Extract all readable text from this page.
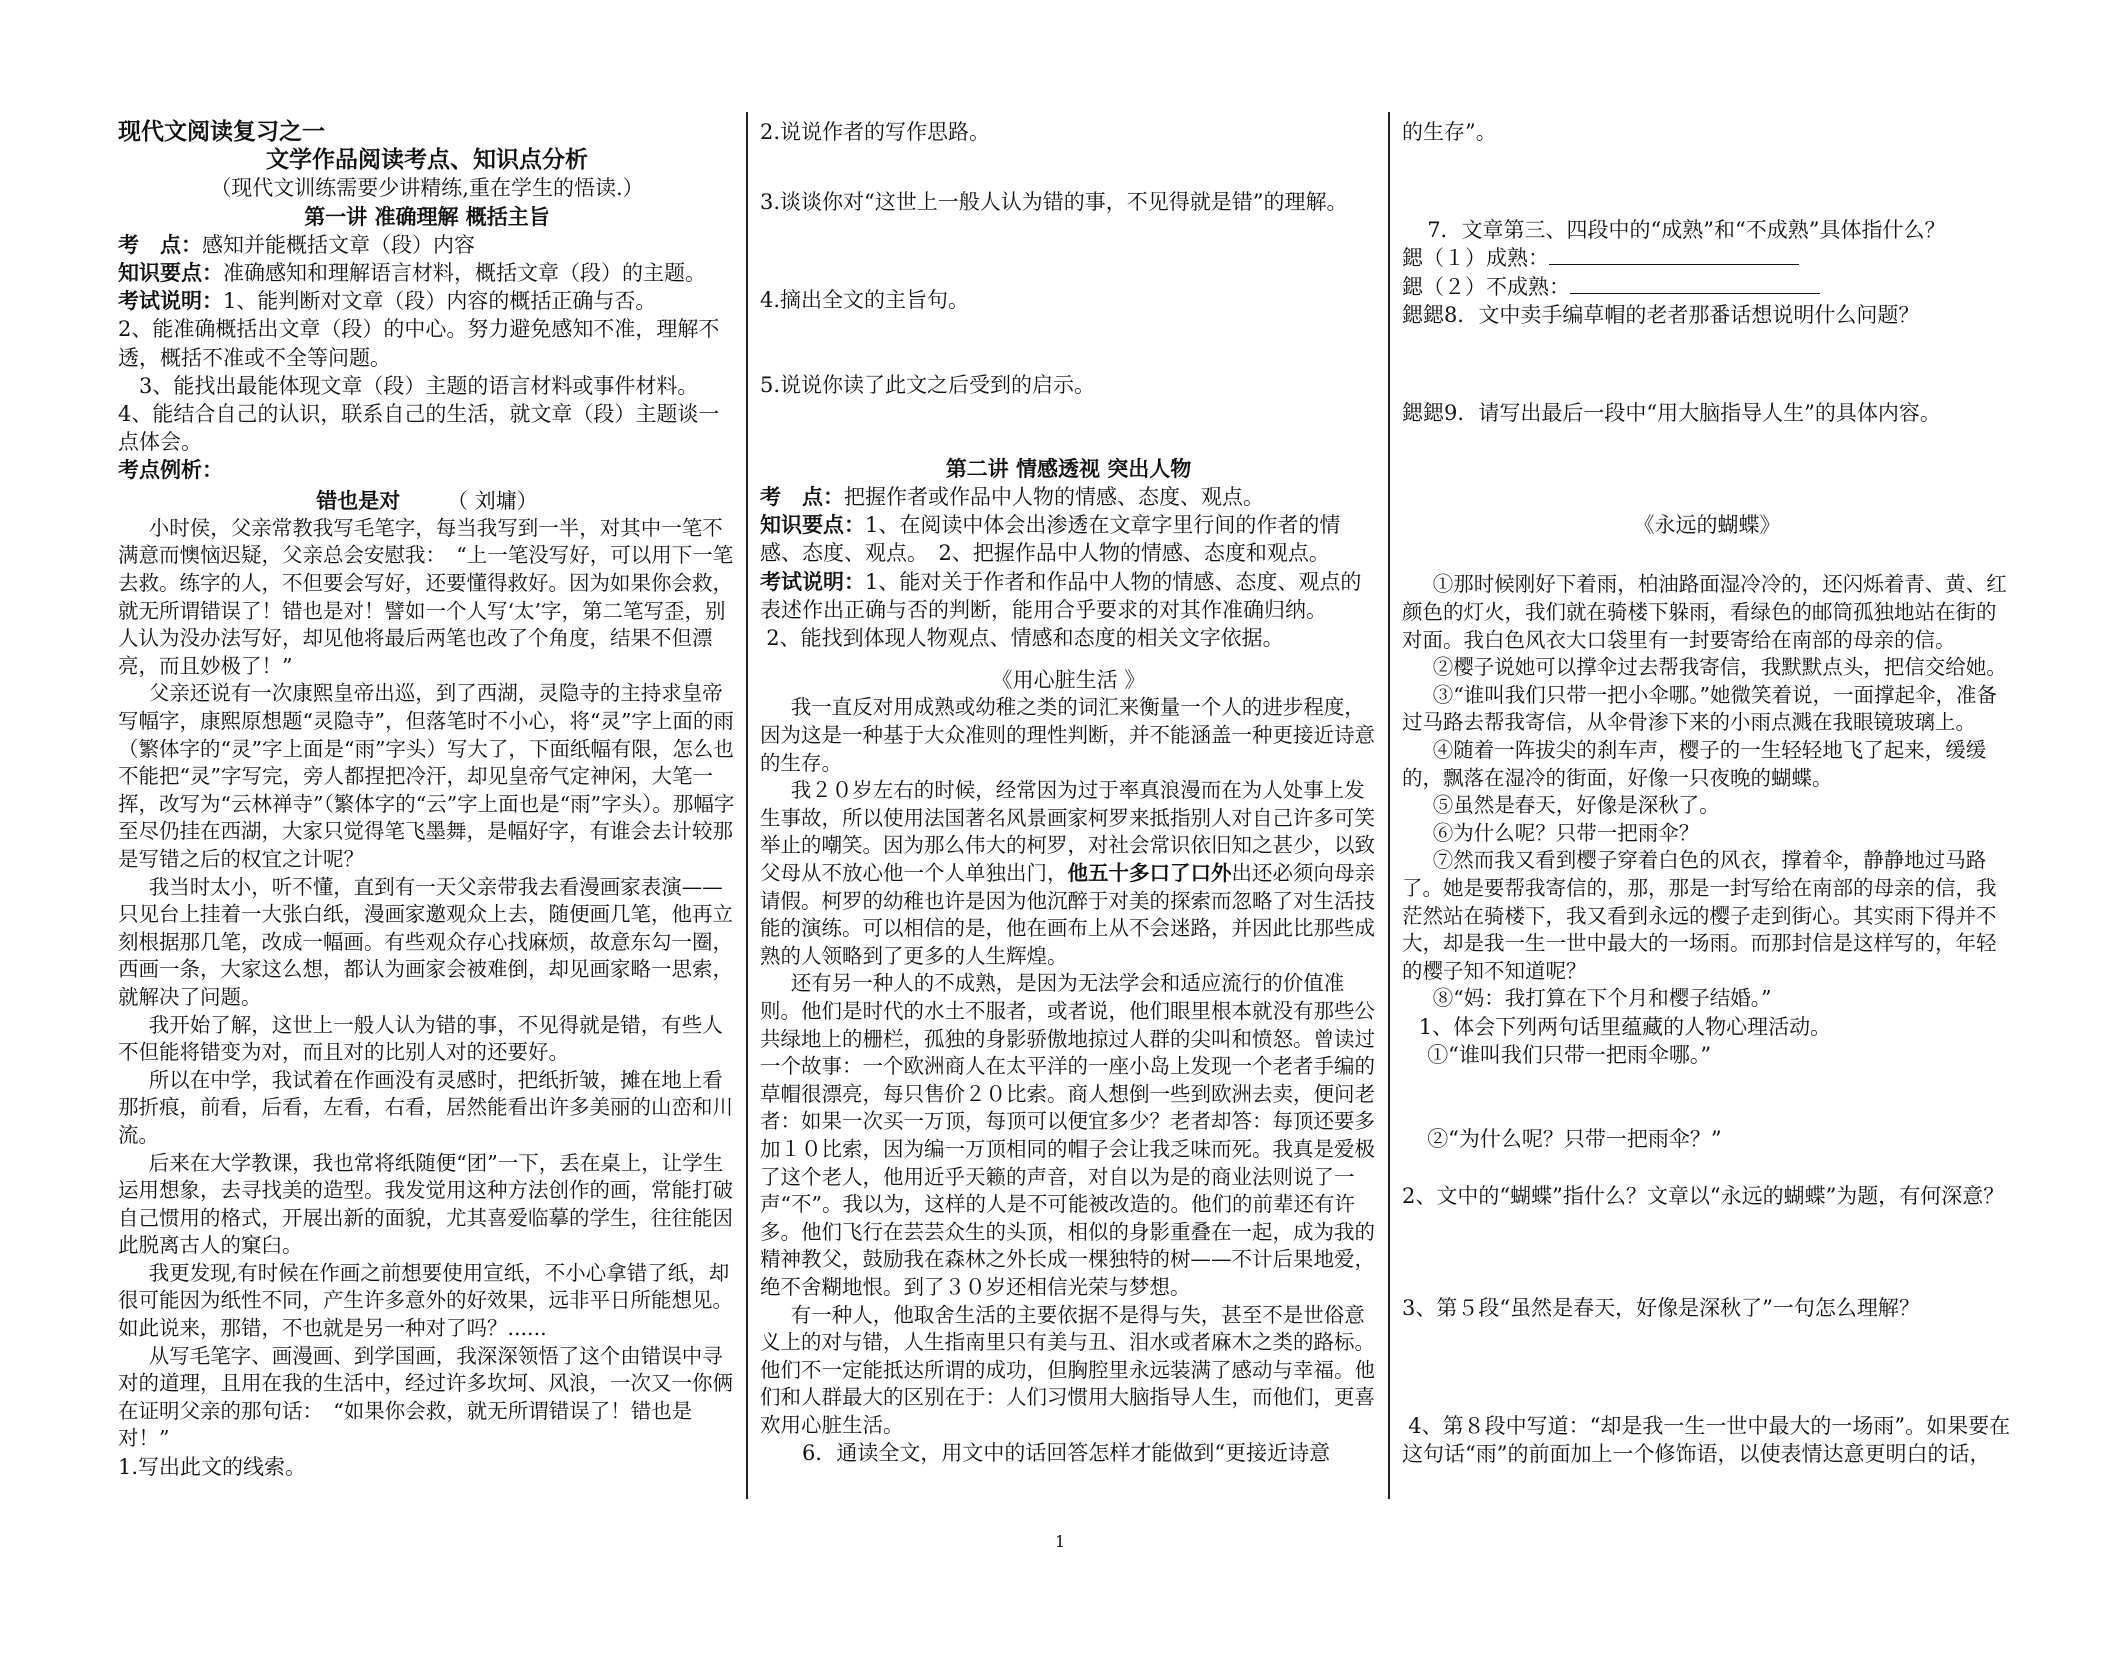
现代文阅读复习之一

文学作品阅读考点、知识点分析

（现代文训练需要少讲精练,重在学生的悟读.）

第一讲 准确理解 概括主旨

考　点：感知并能概括文章（段）内容

知识要点：准确感知和理解语言材料，概括文章（段）的主题。

考试说明：1、能判断对文章（段）内容的概括正确与否。

2、能准确概括出文章（段）的中心。努力避免感知不准，理解不透，概括不准或不全等问题。

3、能找出最能体现文章（段）主题的语言材料或事件材料。

4、能结合自己的认识，联系自己的生活，就文章（段）主题谈一点体会。

考点例析：

错也是对 （ 刘墉）

小时侯，父亲常教我写毛笔字，每当我写到一半，对其中一笔不满意而懊恼迟疑，父亲总会安慰我：　“上一笔没写好，可以用下一笔去救。练字的人，不但要会写好，还要懂得救好。因为如果你会救，就无所谓错误了！错也是对！譬如一个人写‘太’字，第二笔写歪，别人认为没办法写好，却见他将最后两笔也改了个角度，结果不但漂亮，而且妙极了！”

父亲还说有一次康熙皇帝出巡，到了西湖，灵隐寺的主持求皇帝写幅字，康熙原想题“灵隐寺”，但落笔时不小心，将“灵”字上面的雨（繁体字的“灵”字上面是“雨”字头）写大了，下面纸幅有限，怎么也不能把“灵”字写完，旁人都捏把冷汗，却见皇帝气定神闲，大笔一挥，改写为“云林禅寺”（繁体字的“云”字上面也是“雨”字头）。那幅字至尽仍挂在西湖，大家只觉得笔飞墨舞，是幅好字，有谁会去计较那是写错之后的权宜之计呢？

我当时太小，听不懂，直到有一天父亲带我去看漫画家表演——只见台上挂着一大张白纸，漫画家邀观众上去，随便画几笔，他再立刻根据那几笔，改成一幅画。有些观众存心找麻烦，故意东勾一圈，西画一条，大家这么想，都认为画家会被难倒，却见画家略一思索，就解决了问题。

我开始了解，这世上一般人认为错的事，不见得就是错，有些人不但能将错变为对，而且对的比别人对的还要好。

所以在中学，我试着在作画没有灵感时，把纸折皱，摊在地上看那折痕，前看，后看，左看，右看，居然能看出许多美丽的山峦和川流。

后来在大学教课，我也常将纸随便“团”一下，丢在桌上，让学生运用想象，去寻找美的造型。我发觉用这种方法创作的画，常能打破自己惯用的格式，开展出新的面貌，尤其喜爱临摹的学生，往往能因此脱离古人的窠臼。

我更发现,有时候在作画之前想要使用宣纸，不小心拿错了纸，却很可能因为纸性不同，产生许多意外的好效果，远非平日所能想见。

如此说来，那错，不也就是另一种对了吗？......

从写毛笔字、画漫画、到学国画，我深深领悟了这个由错误中寻对的道理，且用在我的生活中，经过许多坎坷、风浪，一次又一你俩在证明父亲的那句话：　“如果你会救，就无所谓错误了！错也是对！”

1.写出此文的线索。

2.说说作者的写作思路。

3.谈谈你对“这世上一般人认为错的事，不见得就是错”的理解。

4.摘出全文的主旨句。

5.说说你读了此文之后受到的启示。

第二讲 情感透视 突出人物

考　点：把握作者或作品中人物的情感、态度、观点。

知识要点：1、在阅读中体会出渗透在文章字里行间的作者的情感、态度、观点。　2、把握作品中人物的情感、态度和观点。

考试说明：1、能对关于作者和作品中人物的情感、态度、观点的表述作出正确与否的判断，能用合乎要求的对其作准确归纳。

2、能找到体现人物观点、情感和态度的相关文字依据。

《用心脏生活 》

我一直反对用成熟或幼稚之类的词汇来衡量一个人的进步程度，因为这是一种基于大众准则的理性判断，并不能涵盖一种更接近诗意的生存。

我２０岁左右的时候，经常因为过于率真浪漫而在为人处事上发生事故，所以使用法国著名风景画家柯罗来抵指别人对自己许多可笑举止的嘲笑。因为那么伟大的柯罗，对社会常识依旧知之甚少，以致父母从不放心他一个人单独出门，他五十多口了口外出还必须向母亲请假。柯罗的幼稚也许是因为他沉醉于对美的探索而忽略了对生活技能的演练。可以相信的是，他在画布上从不会迷路，并因此比那些成熟的人领略到了更多的人生辉煌。

还有另一种人的不成熟，是因为无法学会和适应流行的价值准则。他们是时代的水土不服者，或者说，他们眼里根本就没有那些公共绿地上的栅栏，孤独的身影骄傲地掠过人群的尖叫和愤怒。曾读过一个故事：一个欧洲商人在太平洋的一座小岛上发现一个老者手编的草帽很漂亮，每只售价２０比索。商人想倒一些到欧洲去卖，便问老者：如果一次买一万顶，每顶可以便宜多少？老者却答：每顶还要多加１０比索，因为编一万顶相同的帽子会让我乏味而死。我真是爱极了这个老人，他用近乎天籁的声音，对自以为是的商业法则说了一声“不”。我以为，这样的人是不可能被改造的。他们的前辈还有许多。他们飞行在芸芸众生的头顶，相似的身影重叠在一起，成为我的精神教父，鼓励我在森林之外长成一棵独特的树——不计后果地爱，绝不舍糊地恨。到了３０岁还相信光荣与梦想。

有一种人，他取舍生活的主要依据不是得与失，甚至不是世俗意义上的对与错，人生指南里只有美与丑、泪水或者麻木之类的路标。他们不一定能抵达所谓的成功，但胸腔里永远装满了感动与幸福。他们和人群最大的区别在于：人们习惯用大脑指导人生，而他们，更喜欢用心脏生活。

6．通读全文，用文中的话回答怎样才能做到“更接近诗意

的生存”。

7．文章第三、四段中的“成熟”和“不成熟”具体指什么？

鍶（１）成熟：

鍶（２）不成熟：

鍶鍶8．文中卖手编草帽的老者那番话想说明什么问题？

鍶鍶9．请写出最后一段中“用大脑指导人生”的具体内容。

《永远的蝴蝶》

①那时候刚好下着雨，柏油路面湿冷冷的，还闪烁着青、黄、红颜色的灯火，我们就在骑楼下躲雨，看绿色的邮筒孤独地站在街的对面。我白色风衣大口袋里有一封要寄给在南部的母亲的信。

②樱子说她可以撑伞过去帮我寄信，我默默点头，把信交给她。

③“谁叫我们只带一把小伞哪。”她微笑着说，一面撑起伞，准备过马路去帮我寄信，从伞骨渗下来的小雨点溅在我眼镜玻璃上。

④随着一阵拔尖的刹车声，樱子的一生轻轻地飞了起来，缓缓的，飘落在湿冷的街面，好像一只夜晚的蝴蝶。

⑤虽然是春天，好像是深秋了。

⑥为什么呢？只带一把雨伞？

⑦然而我又看到樱子穿着白色的风衣，撑着伞，静静地过马路了。她是要帮我寄信的，那，那是一封写给在南部的母亲的信，我茫然站在骑楼下，我又看到永远的樱子走到街心。其实雨下得并不大，却是我一生一世中最大的一场雨。而那封信是这样写的，年轻的樱子知不知道呢？

⑧“妈：我打算在下个月和樱子结婚。”

1、体会下列两句话里蕴藏的人物心理活动。

①“谁叫我们只带一把雨伞哪。”

②“为什么呢？只带一把雨伞？”

2、文中的“蝴蝶”指什么？文章以“永远的蝴蝶”为题，有何深意？

3、第５段“虽然是春天，好像是深秋了”一句怎么理解？

4、第８段中写道：“却是我一生一世中最大的一场雨”。如果要在这句话“雨”的前面加上一个修饰语，以使表情达意更明白的话，

1
